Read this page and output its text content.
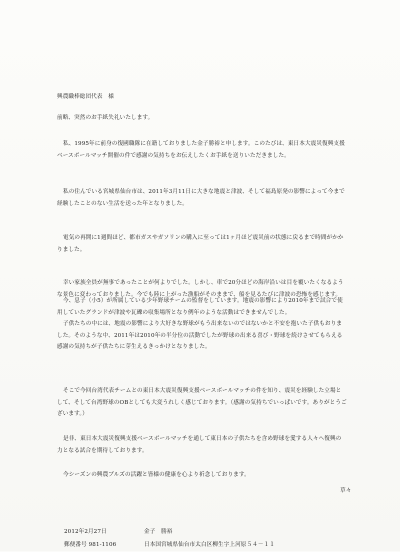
興農職棒総団代表　様
前略、突然のお手紙失礼いたします。
私、1995年に前身の復國職隊に在籍しておりました金子勝裕と申します。このたびは、東日本大震災復興支援ベースボールマッチ開催の件で感謝の気持ちをお伝えしたくお手紙を送りいただきました。
私の住んでいる宮城県仙台市は、2011年3月11日に大きな地震と津波、そして福島原発の影響によって今まで経験したことのない生活を送った年となりました。
電気の再開に1週間ほど、都市ガスやガソリンの購入に至っては1ヶ月ほど震災前の状態に戻るまで時間がかかりました。
幸い家族全員が無事であったことが何よりでした。しかし、車で20分ほどの海岸沿いは目を覆いたくなるような景色に変わっておりました。今でも陸に上がった漁船がそのままで、船を見るたびに津波の恐怖を感じます。
今、息子（小5）が所属している少年野球チームの監督をしています。地震の影響により2010年まで試合で使用していたグランドが津波や瓦礫の収集場所となり例年のような活動はできませんでした。
子供たちの中には、地震の影響により大好きな野球がもう出来ないのではないかと不安を抱いた子供もおりました。そのような中、2011年は2010年の半分位の活動でしたが野球の出来る喜び・野球を続けさせてもらえる感謝の気持ちが子供たちに芽生えるきっかけとなりました。
そこで今回台湾代表チームとの東日本大震災復興支援ベースボールマッチの件を知り、震災を経験した立場として、そして台湾野球のOBとしても大変うれしく感じております。（感謝の気持ちでいっぱいです。ありがとうございます。）
是非、東日本大震災復興支援ベースボールマッチを通して東日本の子供たちを含め野球を愛する人々へ復興の力となる試合を期待しております。
今シーズンの興農ブルズの活躍と皆様の健康を心より祈念しております。
草々
2012年2月27日	金子　勝裕
郵便番号 981-1106	日本国宮城県仙台市太白区柳生字上河原５４－１１
